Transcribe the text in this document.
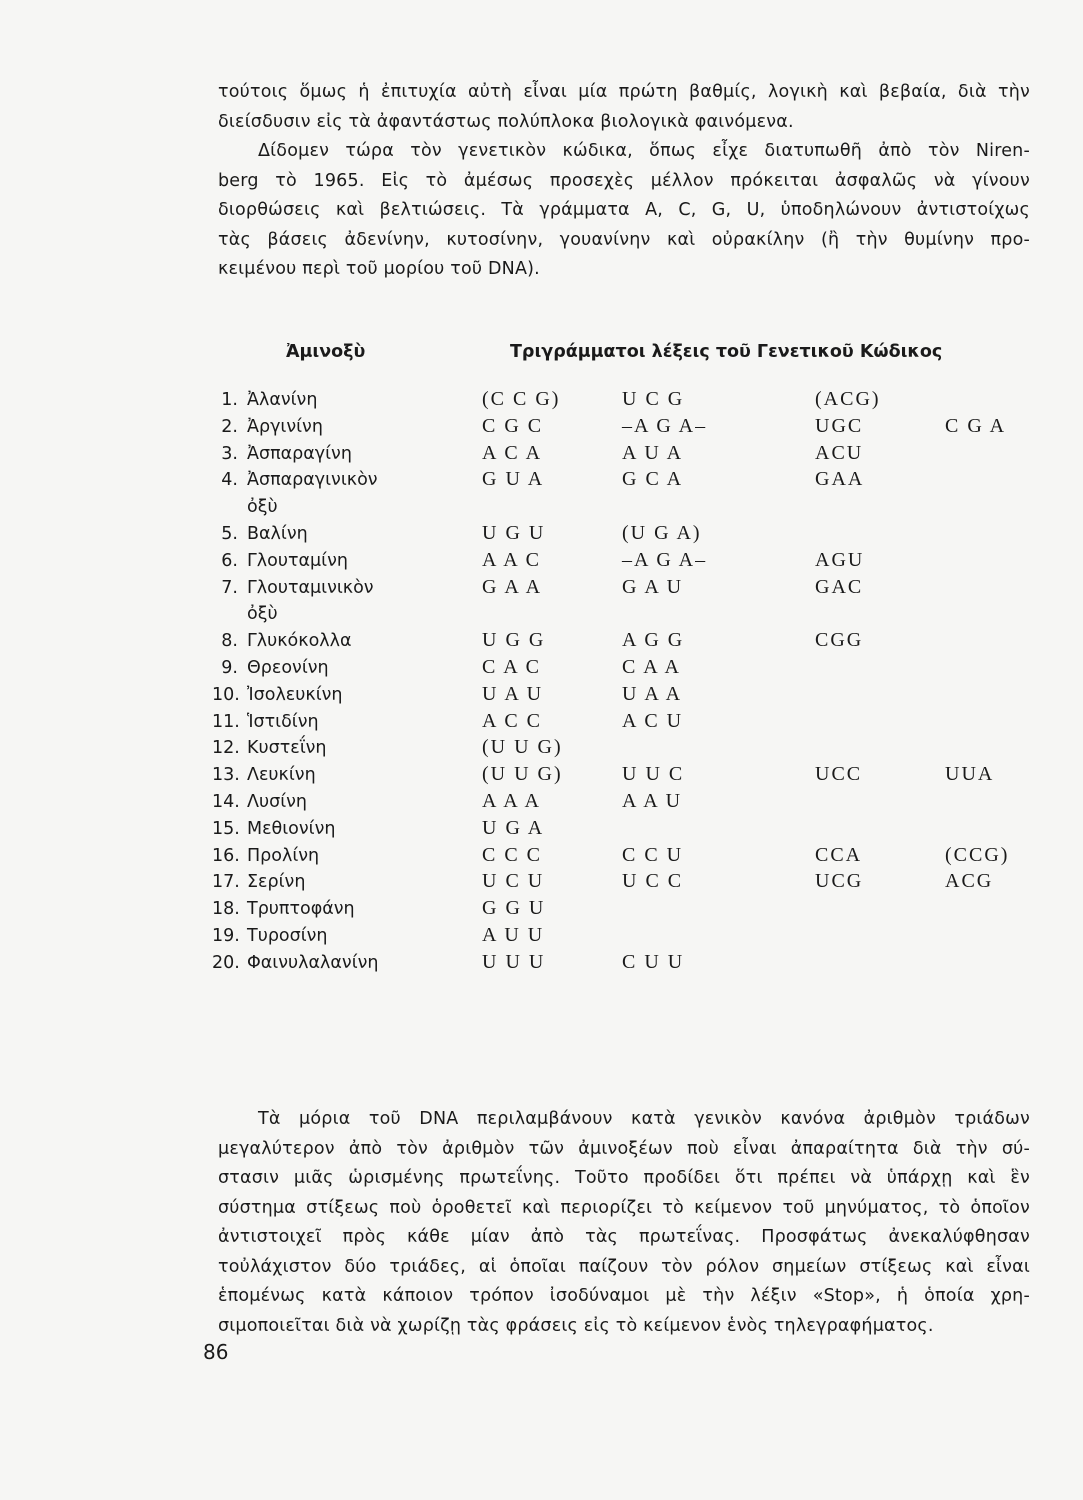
τούτοις ὅμως ἡ ἐπιτυχία αὐτὴ εἶναι μία πρώτη βαθμίς, λογικὴ καὶ βεβαία, διὰ τὴν
διείσδυσιν εἰς τὰ ἀφαντάστως πολύπλοκα βιολογικὰ φαινόμενα.
Δίδομεν τώρα τὸν γενετικὸν κώδικα, ὅπως εἶχε διατυπωθῆ ἀπὸ τὸν Niren-
berg τὸ 1965. Εἰς τὸ ἀμέσως προσεχὲς μέλλον πρόκειται ἀσφαλῶς νὰ γίνουν
διορθώσεις καὶ βελτιώσεις. Τὰ γράμματα A, C, G, U, ὑποδηλώνουν ἀντιστοίχως
τὰς βάσεις ἀδενίνην, κυτοσίνην, γουανίνην καὶ οὐρακίλην (ἢ τὴν θυμίνην προ-
κειμένου περὶ τοῦ μορίου τοῦ DNA).
Ἀμινοξὺ	Τριγράμματοι λέξεις τοῦ Γενετικοῦ Κώδικος
1. Ἀλανίνη	(C C G)	U C G	(ACG)
2. Ἀργινίνη	C G C	–A G A–	UGC	C G A
3. Ἀσπαραγίνη	A C A	A U A	ACU
4. Ἀσπαραγινικὸν	G U A	G C A	GAA
ὀξὺ
5. Βαλίνη	U G U	(U G A)
6. Γλουταμίνη	A A C	–A G A–	AGU
7. Γλουταμινικὸν	G A A	G A U	GAC
ὀξὺ
8. Γλυκόκολλα	U G G	A G G	CGG
9. Θρεονίνη	C A C	C A A
10. Ἰσολευκίνη	U A U	U A A
11. Ἱστιδίνη	A C C	A C U
12. Κυστεΐνη	(U U G)
13. Λευκίνη	(U U G)	U U C	UCC	UUA
14. Λυσίνη	A A A	A A U
15. Μεθιονίνη	U G A
16. Προλίνη	C C C	C C U	CCA	(CCG)
17. Σερίνη	U C U	U C C	UCG	ACG
18. Τρυπτοφάνη	G G U
19. Τυροσίνη	A U U
20. Φαινυλαλανίνη	U U U	C U U
Τὰ μόρια τοῦ DNA περιλαμβάνουν κατὰ γενικὸν κανόνα ἀριθμὸν τριάδων
μεγαλύτερον ἀπὸ τὸν ἀριθμὸν τῶν ἀμινοξέων ποὺ εἶναι ἀπαραίτητα διὰ τὴν σύ-
στασιν μιᾶς ὡρισμένης πρωτεΐνης. Τοῦτο προδίδει ὅτι πρέπει νὰ ὑπάρχῃ καὶ ἓν
σύστημα στίξεως ποὺ ὁροθετεῖ καὶ περιορίζει τὸ κείμενον τοῦ μηνύματος, τὸ ὁποῖον
ἀντιστοιχεῖ πρὸς κάθε μίαν ἀπὸ τὰς πρωτεΐνας. Προσφάτως ἀνεκαλύφθησαν
τοὐλάχιστον δύο τριάδες, αἱ ὁποῖαι παίζουν τὸν ρόλον σημείων στίξεως καὶ εἶναι
ἑπομένως κατὰ κάποιον τρόπον ἰσοδύναμοι μὲ τὴν λέξιν «Stop», ἡ ὁποία χρη-
σιμοποιεῖται διὰ νὰ χωρίζῃ τὰς φράσεις εἰς τὸ κείμενον ἑνὸς τηλεγραφήματος.
86
